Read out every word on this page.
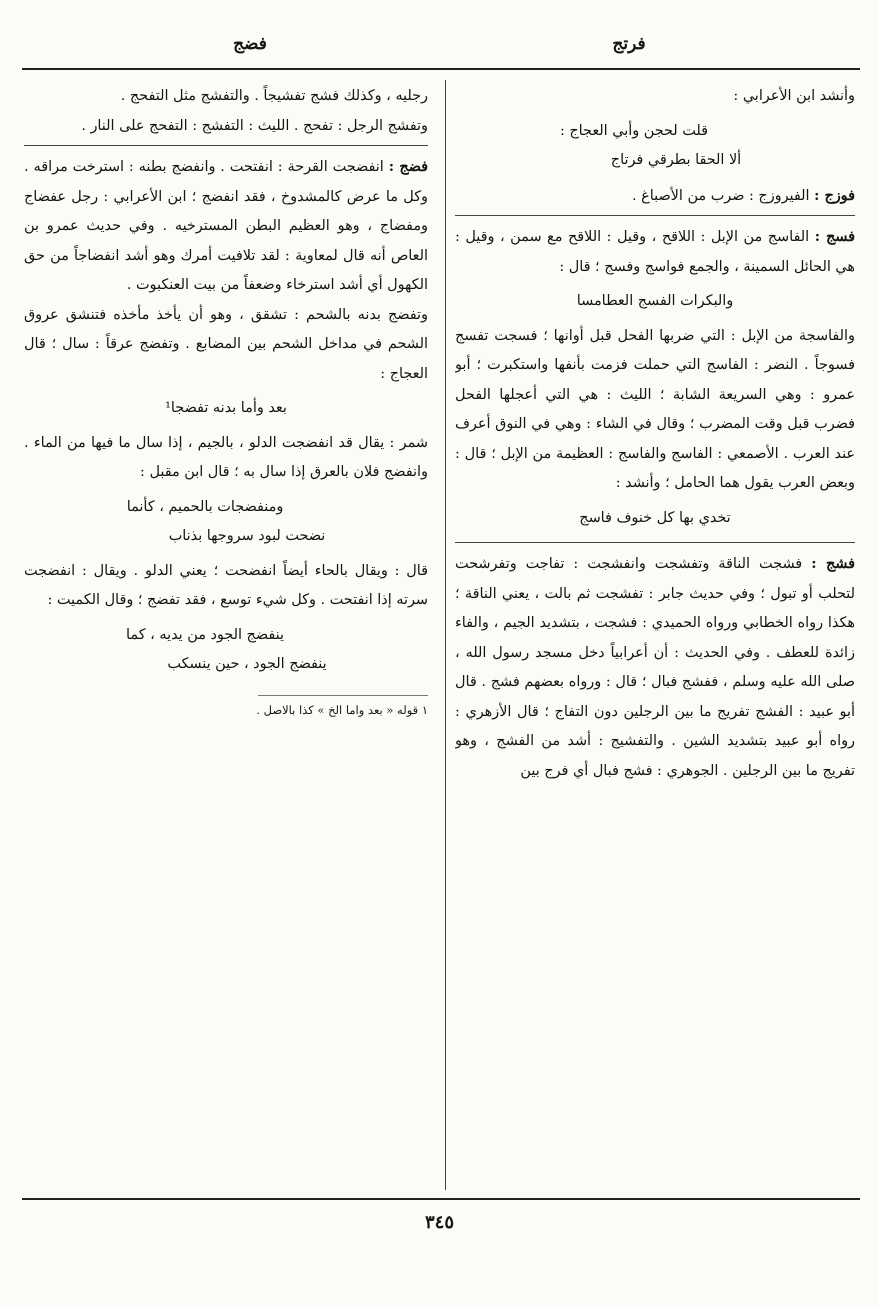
فرتج
فضج

وأنشد ابن الأعرابي :

قلت لحجن وأبي العجاج :

ألا الحقا بطرقي فرتاج

فوزج : الفيروزج : ضرب من الأصباغ .

فسج : الفاسج من الإبل : اللاقح ، وقيل : اللاقح مع سمن ، وقيل : هي الحائل السمينة ، والجمع فواسج وفسج ؛ قال :

والبكرات الفسج العطامسا

والفاسجة من الإبل : التي ضربها الفحل قبل أوانها ؛ فسجت تفسج فسوجاً . النضر : الفاسج التي حملت فزمت بأنفها واستكبرت ؛ أبو عمرو : وهي السريعة الشابة ؛ الليث : هي التي أعجلها الفحل فضرب قبل وقت المضرب ؛ وقال في الشاء : وهي في النوق أعرف عند العرب . الأصمعي : الفاسج والفاسج : العظيمة من الإبل ؛ قال : وبعض العرب يقول هما الحامل ؛ وأنشد :

تخدي بها كل خنوف فاسج

فشج : فشجت الناقة وتفشجت وانفشجت : تفاجت وتفرشحت لتحلب أو تبول ؛ وفي حديث جابر : تفشجت ثم بالت ، يعني الناقة ؛ هكذا رواه الخطابي ورواه الحميدي : فشجت ، بتشديد الجيم ، والفاء زائدة للعطف . وفي الحديث : أن أعرابياً دخل مسجد رسول الله ، صلى الله عليه وسلم ، ففشج فبال ؛ قال : ورواه بعضهم فشج . قال أبو عبيد : الفشج تفريج ما بين الرجلين دون التفاج ؛ قال الأزهري : رواه أبو عبيد بتشديد الشين . والتفشيج : أشد من الفشج ، وهو تفريج ما بين الرجلين . الجوهري : فشج فبال أي فرج بين

رجليه ، وكذلك فشج تفشيجاً . والتفشج مثل التفحج .

وتفشج الرجل : تفحج . الليث : التفشج : التفحج على النار .

فضج : انفضجت القرحة : انفتحت . وانفضج بطنه : استرخت مراقه . وكل ما عرض كالمشدوخ ، فقد انفضج ؛ ابن الأعرابي : رجل عفضاج ومفضاج ، وهو العظيم البطن المسترخيه . وفي حديث عمرو بن العاص أنه قال لمعاوية : لقد تلافيت أمرك وهو أشد انفضاجاً من حق الكهول أي أشد استرخاء وضعفاً من بيت العنكبوت .

وتفضج بدنه بالشحم : تشقق ، وهو أن يأخذ مأخذه فتنشق عروق الشحم في مداخل الشحم بين المضابع . وتفضج عرقاً : سال ؛ قال العجاج :

بعد وأما بدنه تفضجا¹

شمر : يقال قد انفضجت الدلو ، بالجيم ، إذا سال ما فيها من الماء . وانفضج فلان بالعرق إذا سال به ؛ قال ابن مقبل :

ومنفضجات بالحميم ، كأنما

نضحت لبود سروجها بذناب

قال : ويقال بالحاء أيضاً انفضحت ؛ يعني الدلو . ويقال : انفضجت سرته إذا انفتحت . وكل شيء توسع ، فقد تفضج ؛ وقال الكميت :

ينفضج الجود من يديه ، كما

ينفضج الجود ، حين ينسكب

١ قوله « بعد واما الخ » كذا بالاصل .

٣٤٥
